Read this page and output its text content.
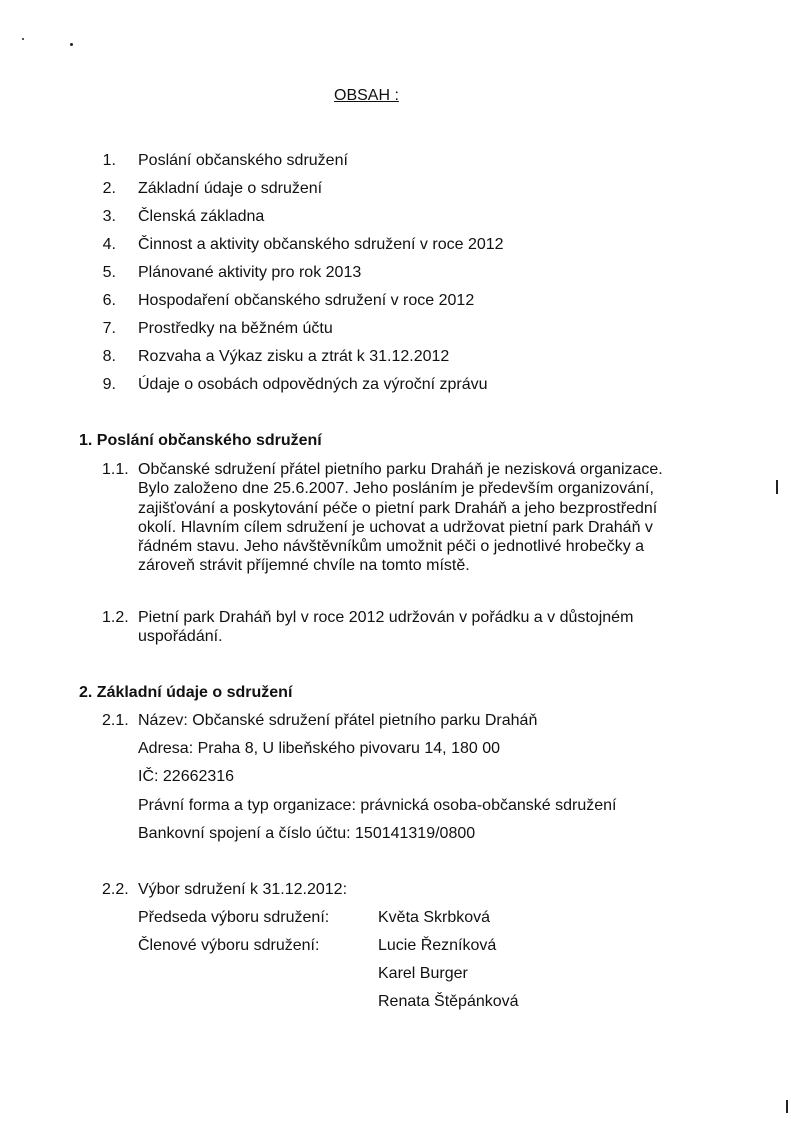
OBSAH :
1. Poslání občanského sdružení
2. Základní údaje o sdružení
3. Členská základna
4. Činnost a aktivity občanského sdružení v roce 2012
5. Plánované aktivity pro rok 2013
6. Hospodaření občanského sdružení v roce 2012
7. Prostředky na běžném účtu
8. Rozvaha a Výkaz zisku a ztrát k 31.12.2012
9. Údaje o osobách odpovědných za výroční zprávu
1. Poslání občanského sdružení
1.1. Občanské sdružení přátel pietního parku Draháň je nezisková organizace. Bylo založeno dne 25.6.2007. Jeho posláním je především organizování, zajišťování a poskytování péče o pietní park Draháň a jeho bezprostřední okolí. Hlavním cílem sdružení je uchovat a udržovat pietní park Draháň v řádném stavu. Jeho návštěvníkům umožnit péči o jednotlivé hrobečky a zároveň strávit příjemné chvíle na tomto místě.
1.2. Pietní park Draháň byl v roce 2012 udržován v pořádku a v důstojném uspořádání.
2. Základní údaje o sdružení
2.1. Název: Občanské sdružení přátel pietního parku Draháň
Adresa: Praha 8, U libeňského pivovaru 14, 180 00
IČ: 22662316
Právní forma a typ organizace: právnická osoba-občanské sdružení
Bankovní spojení a číslo účtu: 150141319/0800
2.2. Výbor sdružení k 31.12.2012:
Předseda výboru sdružení:	Květa Skrbková
Členové výboru sdružení:	Lucie Řezníková
Karel Burger
Renata Štěpánková
